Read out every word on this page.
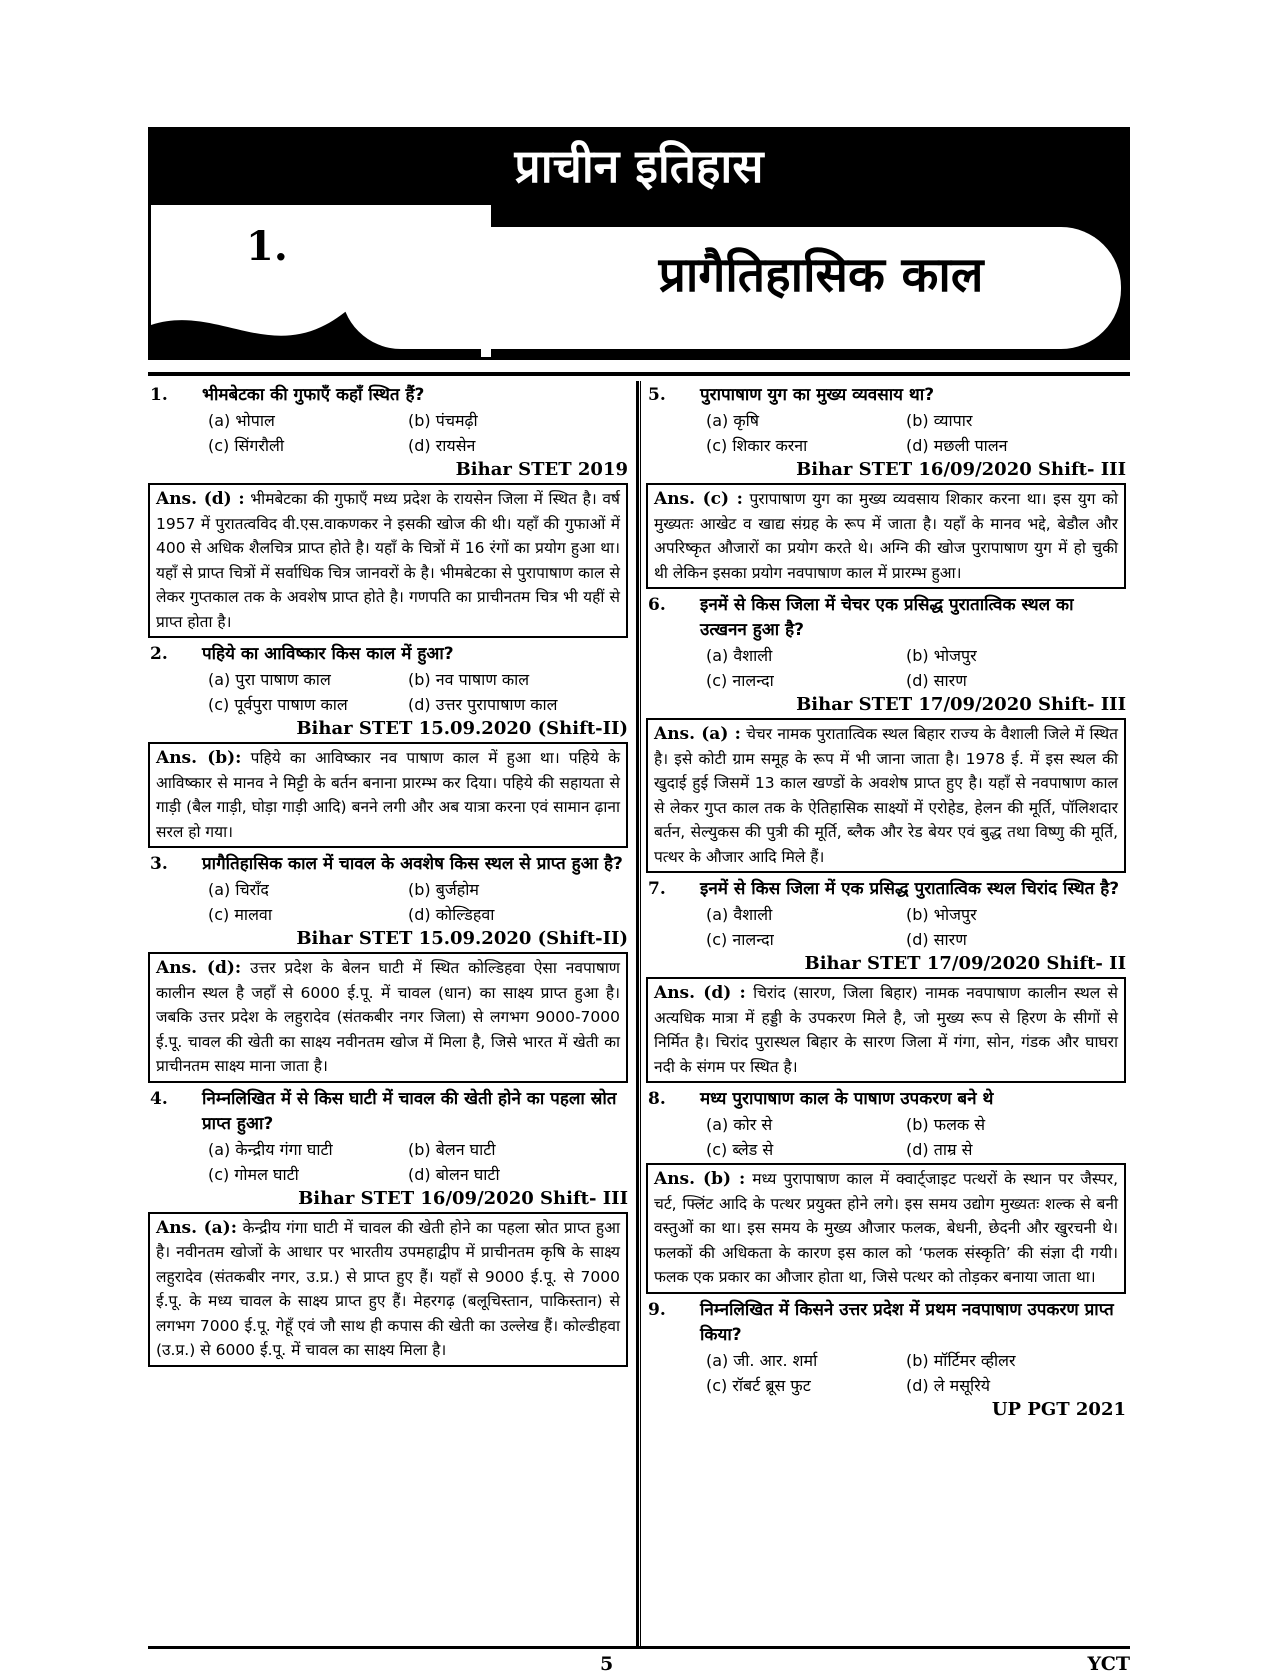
प्राचीन इतिहास
1.
प्रागैतिहासिक काल
1. भीमबेटका की गुफाएँ कहाँ स्थित हैं?
(a) भोपाल	(b) पंचमढ़ी
(c) सिंगरौली	(d) रायसेन
Bihar STET 2019
Ans. (d) : भीमबेटका की गुफाएँ मध्य प्रदेश के रायसेन जिला में स्थित है। वर्ष 1957 में पुरातत्वविद वी.एस.वाकणकर ने इसकी खोज की थी। यहाँ की गुफाओं में 400 से अधिक शैलचित्र प्राप्त होते है। यहाँ के चित्रों में 16 रंगों का प्रयोग हुआ था। यहाँ से प्राप्त चित्रों में सर्वाधिक चित्र जानवरों के है। भीमबेटका से पुरापाषाण काल से लेकर गुप्तकाल तक के अवशेष प्राप्त होते है। गणपति का प्राचीनतम चित्र भी यहीं से प्राप्त होता है।
2. पहिये का आविष्कार किस काल में हुआ?
(a) पुरा पाषाण काल	(b) नव पाषाण काल
(c) पूर्वपुरा पाषाण काल	(d) उत्तर पुरापाषाण काल
Bihar STET 15.09.2020 (Shift-II)
Ans. (b): पहिये का आविष्कार नव पाषाण काल में हुआ था। पहिये के आविष्कार से मानव ने मिट्टी के बर्तन बनाना प्रारम्भ कर दिया। पहिये की सहायता से गाड़ी (बैल गाड़ी, घोड़ा गाड़ी आदि) बनने लगी और अब यात्रा करना एवं सामान ढ़ाना सरल हो गया।
3. प्रागैतिहासिक काल में चावल के अवशेष किस स्थल से प्राप्त हुआ है?
(a) चिराँद	(b) बुर्जहोम
(c) मालवा	(d) कोल्डिहवा
Bihar STET 15.09.2020 (Shift-II)
Ans. (d): उत्तर प्रदेश के बेलन घाटी में स्थित कोल्डिहवा ऐसा नवपाषाण कालीन स्थल है जहाँ से 6000 ई.पू. में चावल (धान) का साक्ष्य प्राप्त हुआ है। जबकि उत्तर प्रदेश के लहुरादेव (संतकबीर नगर जिला) से लगभग 9000-7000 ई.पू. चावल की खेती का साक्ष्य नवीनतम खोज में मिला है, जिसे भारत में खेती का प्राचीनतम साक्ष्य माना जाता है।
4. निम्नलिखित में से किस घाटी में चावल की खेती होने का पहला स्रोत प्राप्त हुआ?
(a) केन्द्रीय गंगा घाटी	(b) बेलन घाटी
(c) गोमल घाटी	(d) बोलन घाटी
Bihar STET 16/09/2020 Shift- III
Ans. (a): केन्द्रीय गंगा घाटी में चावल की खेती होने का पहला स्रोत प्राप्त हुआ है। नवीनतम खोजों के आधार पर भारतीय उपमहाद्वीप में प्राचीनतम कृषि के साक्ष्य लहुरादेव (संतकबीर नगर, उ.प्र.) से प्राप्त हुए हैं। यहाँ से 9000 ई.पू. से 7000 ई.पू. के मध्य चावल के साक्ष्य प्राप्त हुए हैं। मेहरगढ़ (बलूचिस्तान, पाकिस्तान) से लगभग 7000 ई.पू. गेहूँ एवं जौ साथ ही कपास की खेती का उल्लेख हैं। कोल्डीहवा (उ.प्र.) से 6000 ई.पू. में चावल का साक्ष्य मिला है।
5. पुरापाषाण युग का मुख्य व्यवसाय था?
(a) कृषि	(b) व्यापार
(c) शिकार करना	(d) मछली पालन
Bihar STET 16/09/2020 Shift- III
Ans. (c) : पुरापाषाण युग का मुख्य व्यवसाय शिकार करना था। इस युग को मुख्यतः आखेट व खाद्य संग्रह के रूप में जाता है। यहाँ के मानव भद्दे, बेडौल और अपरिष्कृत औजारों का प्रयोग करते थे। अग्नि की खोज पुरापाषाण युग में हो चुकी थी लेकिन इसका प्रयोग नवपाषाण काल में प्रारम्भ हुआ।
6. इनमें से किस जिला में चेचर एक प्रसिद्ध पुरातात्विक स्थल का उत्खनन हुआ है?
(a) वैशाली	(b) भोजपुर
(c) नालन्दा	(d) सारण
Bihar STET 17/09/2020 Shift- III
Ans. (a) : चेचर नामक पुरातात्विक स्थल बिहार राज्य के वैशाली जिले में स्थित है। इसे कोटी ग्राम समूह के रूप में भी जाना जाता है। 1978 ई. में इस स्थल की खुदाई हुई जिसमें 13 काल खण्डों के अवशेष प्राप्त हुए है। यहाँ से नवपाषाण काल से लेकर गुप्त काल तक के ऐतिहासिक साक्ष्यों में एरोहेड, हेलन की मूर्ति, पॉलिशदार बर्तन, सेल्युकस की पुत्री की मूर्ति, ब्लैक और रेड बेयर एवं बुद्ध तथा विष्णु की मूर्ति, पत्थर के औजार आदि मिले हैं।
7. इनमें से किस जिला में एक प्रसिद्ध पुरातात्विक स्थल चिरांद स्थित है?
(a) वैशाली	(b) भोजपुर
(c) नालन्दा	(d) सारण
Bihar STET 17/09/2020 Shift- II
Ans. (d) : चिरांद (सारण, जिला बिहार) नामक नवपाषाण कालीन स्थल से अत्यधिक मात्रा में हड्डी के उपकरण मिले है, जो मुख्य रूप से हिरण के सीगों से निर्मित है। चिरांद पुरास्थल बिहार के सारण जिला में गंगा, सोन, गंडक और घाघरा नदी के संगम पर स्थित है।
8. मध्य पुरापाषाण काल के पाषाण उपकरण बने थे
(a) कोर से	(b) फलक से
(c) ब्लेड से	(d) ताम्र से
Ans. (b) : मध्य पुरापाषाण काल में क्वार्ट्जाइट पत्थरों के स्थान पर जैस्पर, चर्ट, फ्लिंट आदि के पत्थर प्रयुक्त होने लगे। इस समय उद्योग मुख्यतः शल्क से बनी वस्तुओं का था। इस समय के मुख्य औजार फलक, बेधनी, छेदनी और खुरचनी थे। फलकों की अधिकता के कारण इस काल को ‘फलक संस्कृति’ की संज्ञा दी गयी। फलक एक प्रकार का औजार होता था, जिसे पत्थर को तोड़कर बनाया जाता था।
9. निम्नलिखित में किसने उत्तर प्रदेश में प्रथम नवपाषाण उपकरण प्राप्त किया?
(a) जी. आर. शर्मा	(b) मॉर्टिमर व्हीलर
(c) रॉबर्ट ब्रूस फुट	(d) ले मसूरिये
UP PGT 2021
5	YCT
